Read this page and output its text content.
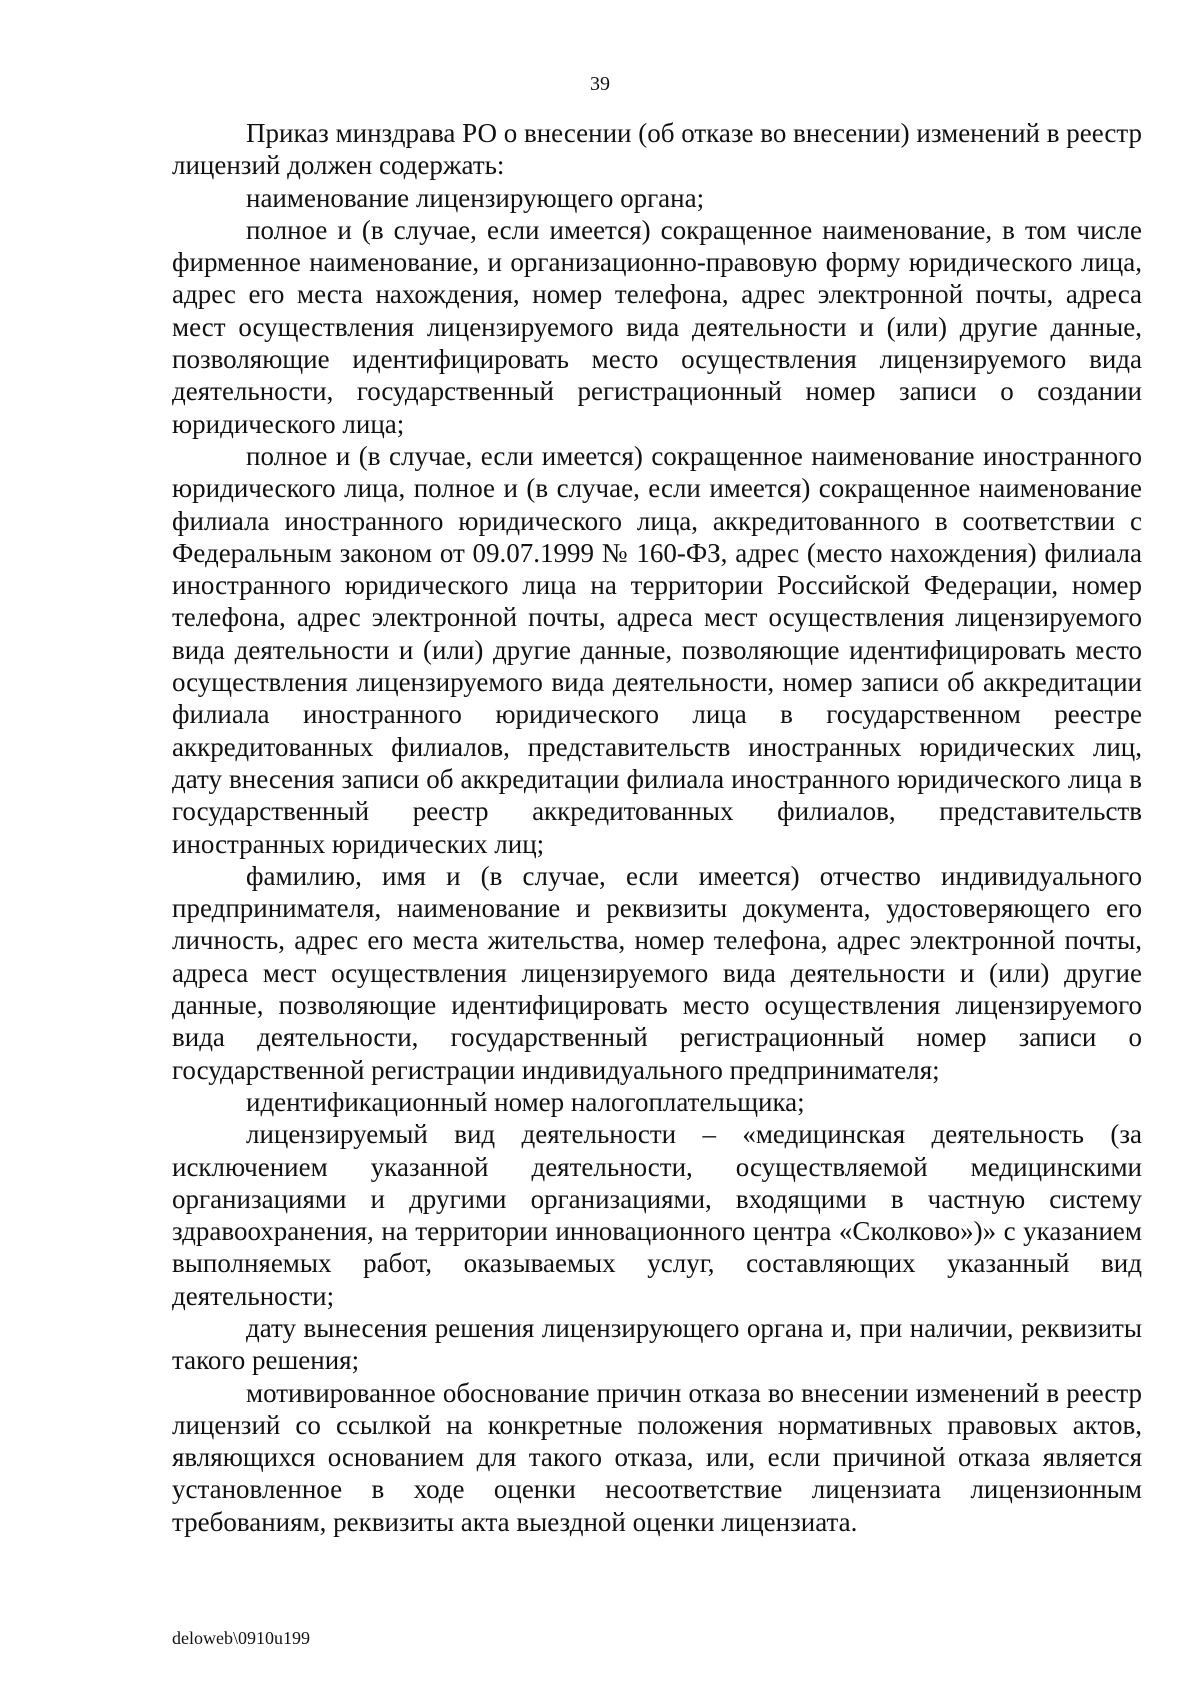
39

Приказ минздрава РО о внесении (об отказе во внесении) изменений в реестр лицензий должен содержать:

наименование лицензирующего органа;

полное и (в случае, если имеется) сокращенное наименование, в том числе фирменное наименование, и организационно-правовую форму юридического лица, адрес его места нахождения, номер телефона, адрес электронной почты, адреса мест осуществления лицензируемого вида деятельности и (или) другие данные, позволяющие идентифицировать место осуществления лицензируемого вида деятельности, государственный регистрационный номер записи о создании юридического лица;

полное и (в случае, если имеется) сокращенное наименование иностранного юридического лица, полное и (в случае, если имеется) сокращенное наименование филиала иностранного юридического лица, аккредитованного в соответствии с Федеральным законом от 09.07.1999 № 160-ФЗ, адрес (место нахождения) филиала иностранного юридического лица на территории Российской Федерации, номер телефона, адрес электронной почты, адреса мест осуществления лицензируемого вида деятельности и (или) другие данные, позволяющие идентифицировать место осуществления лицензируемого вида деятельности, номер записи об аккредитации филиала иностранного юридического лица в государственном реестре аккредитованных филиалов, представительств иностранных юридических лиц, дату внесения записи об аккредитации филиала иностранного юридического лица в государственный реестр аккредитованных филиалов, представительств иностранных юридических лиц;

фамилию, имя и (в случае, если имеется) отчество индивидуального предпринимателя, наименование и реквизиты документа, удостоверяющего его личность, адрес его места жительства, номер телефона, адрес электронной почты, адреса мест осуществления лицензируемого вида деятельности и (или) другие данные, позволяющие идентифицировать место осуществления лицензируемого вида деятельности, государственный регистрационный номер записи о государственной регистрации индивидуального предпринимателя;

идентификационный номер налогоплательщика;

лицензируемый вид деятельности – «медицинская деятельность (за исключением указанной деятельности, осуществляемой медицинскими организациями и другими организациями, входящими в частную систему здравоохранения, на территории инновационного центра «Сколково»)» с указанием выполняемых работ, оказываемых услуг, составляющих указанный вид деятельности;

дату вынесения решения лицензирующего органа и, при наличии, реквизиты такого решения;

мотивированное обоснование причин отказа во внесении изменений в реестр лицензий со ссылкой на конкретные положения нормативных правовых актов, являющихся основанием для такого отказа, или, если причиной отказа является установленное в ходе оценки несоответствие лицензиата лицензионным требованиям, реквизиты акта выездной оценки лицензиата.

deloweb\0910u199
